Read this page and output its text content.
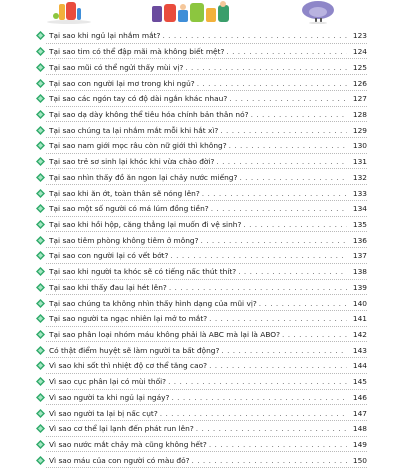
Tại sao khi ngủ lại nhắm mắt? . . .	123
Tại sao tim có thể đập mãi mà không biết mệt? . . .	124
Tại sao mũi có thể ngửi thấy mùi vị? . . .	125
Tại sao con người lại mơ trong khi ngủ? . . .	126
Tại sao các ngón tay có độ dài ngắn khác nhau? . . .	127
Tại sao dạ dày không thể tiêu hóa chính bản thân nó? . . .	128
Tại sao chúng ta lại nhắm mắt mỗi khi hắt xì? . . .	129
Tại sao nam giới mọc râu còn nữ giới thì không? . . .	130
Tại sao trẻ sơ sinh lại khóc khi vừa chào đời? . . .	131
Tại sao nhìn thấy đồ ăn ngon lại chảy nước miếng? . . .	132
Tại sao khi ăn ớt, toàn thân sẽ nóng lên? . . .	133
Tại sao một số người có má lúm đồng tiền? . . .	134
Tại sao khi hồi hộp, căng thẳng lại muốn đi vệ sinh? . . .	135
Tại sao tiêm phòng không tiêm ở mông? . . .	136
Tại sao con người lại có vết bớt? . . .	137
Tại sao khi người ta khóc sẽ có tiếng nấc thút thít? . . .	138
Tại sao khi thấy đau lại hét lên? . . .	139
Tại sao chúng ta không nhìn thấy hình dạng của mũi vị? . . .	140
Tại sao người ta ngạc nhiên lại mở to mắt? . . .	141
Tại sao phân loại nhóm máu không phải là ABC mà lại là ABO? . . .	142
Có thật điểm huyệt sẽ làm người ta bất động? . . .	143
Vì sao khi sốt thì nhiệt độ cơ thể tăng cao? . . .	144
Vì sao cục phân lại có mùi thối? . . .	145
Vì sao người ta khi ngủ lại ngáy? . . .	146
Vì sao người ta lại bị nấc cụt? . . .	147
Vì sao cơ thể lại lạnh đến phát run lên? . . .	148
Vì sao nước mắt chảy mà cũng không hết? . . .	149
Vì sao máu của con người có màu đỏ? . . .	150
